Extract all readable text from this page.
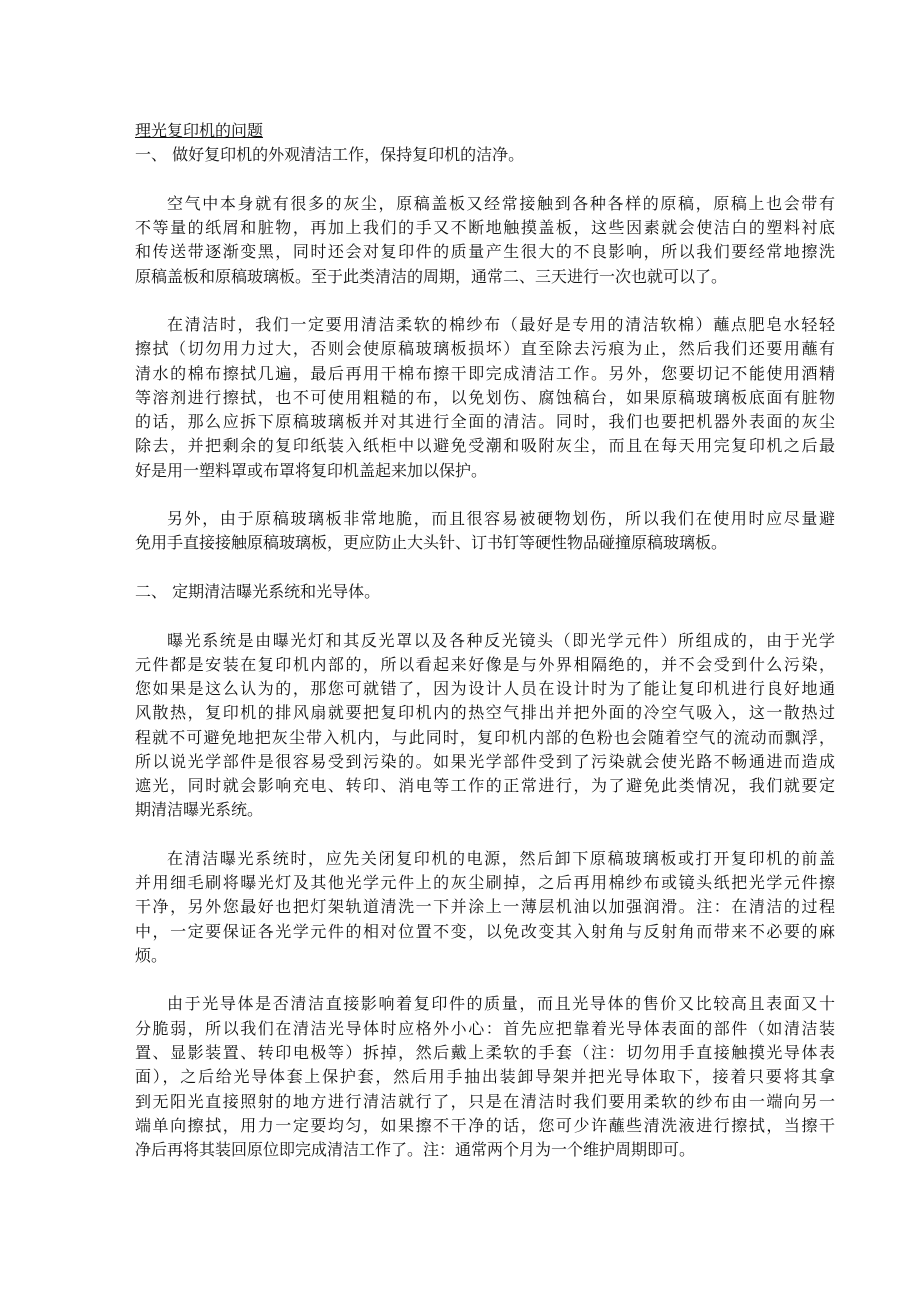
理光复印机的问题
一、 做好复印机的外观清洁工作，保持复印机的洁净。
空气中本身就有很多的灰尘，原稿盖板又经常接触到各种各样的原稿，原稿上也会带有
不等量的纸屑和脏物，再加上我们的手又不断地触摸盖板，这些因素就会使洁白的塑料衬底
和传送带逐渐变黑，同时还会对复印件的质量产生很大的不良影响，所以我们要经常地擦洗
原稿盖板和原稿玻璃板。至于此类清洁的周期，通常二、三天进行一次也就可以了。
在清洁时，我们一定要用清洁柔软的棉纱布（最好是专用的清洁软棉）蘸点肥皂水轻轻
擦拭（切勿用力过大，否则会使原稿玻璃板损坏）直至除去污痕为止，然后我们还要用蘸有
清水的棉布擦拭几遍，最后再用干棉布擦干即完成清洁工作。另外，您要切记不能使用酒精
等溶剂进行擦拭，也不可使用粗糙的布，以免划伤、腐蚀稿台，如果原稿玻璃板底面有脏物
的话，那么应拆下原稿玻璃板并对其进行全面的清洁。同时，我们也要把机器外表面的灰尘
除去，并把剩余的复印纸装入纸柜中以避免受潮和吸附灰尘，而且在每天用完复印机之后最
好是用一塑料罩或布罩将复印机盖起来加以保护。
另外，由于原稿玻璃板非常地脆，而且很容易被硬物划伤，所以我们在使用时应尽量避
免用手直接接触原稿玻璃板，更应防止大头针、订书钉等硬性物品碰撞原稿玻璃板。
二、 定期清洁曝光系统和光导体。
曝光系统是由曝光灯和其反光罩以及各种反光镜头（即光学元件）所组成的，由于光学
元件都是安装在复印机内部的，所以看起来好像是与外界相隔绝的，并不会受到什么污染，
您如果是这么认为的，那您可就错了，因为设计人员在设计时为了能让复印机进行良好地通
风散热，复印机的排风扇就要把复印机内的热空气排出并把外面的冷空气吸入，这一散热过
程就不可避免地把灰尘带入机内，与此同时，复印机内部的色粉也会随着空气的流动而飘浮，
所以说光学部件是很容易受到污染的。如果光学部件受到了污染就会使光路不畅通进而造成
遮光，同时就会影响充电、转印、消电等工作的正常进行，为了避免此类情况，我们就要定
期清洁曝光系统。
在清洁曝光系统时，应先关闭复印机的电源，然后卸下原稿玻璃板或打开复印机的前盖
并用细毛刷将曝光灯及其他光学元件上的灰尘刷掉，之后再用棉纱布或镜头纸把光学元件擦
干净，另外您最好也把灯架轨道清洗一下并涂上一薄层机油以加强润滑。注：在清洁的过程
中，一定要保证各光学元件的相对位置不变，以免改变其入射角与反射角而带来不必要的麻
烦。
由于光导体是否清洁直接影响着复印件的质量，而且光导体的售价又比较高且表面又十
分脆弱，所以我们在清洁光导体时应格外小心：首先应把靠着光导体表面的部件（如清洁装
置、显影装置、转印电极等）拆掉，然后戴上柔软的手套（注：切勿用手直接触摸光导体表
面），之后给光导体套上保护套，然后用手抽出装卸导架并把光导体取下，接着只要将其拿
到无阳光直接照射的地方进行清洁就行了，只是在清洁时我们要用柔软的纱布由一端向另一
端单向擦拭，用力一定要均匀，如果擦不干净的话，您可少许蘸些清洗液进行擦拭，当擦干
净后再将其装回原位即完成清洁工作了。注：通常两个月为一个维护周期即可。
